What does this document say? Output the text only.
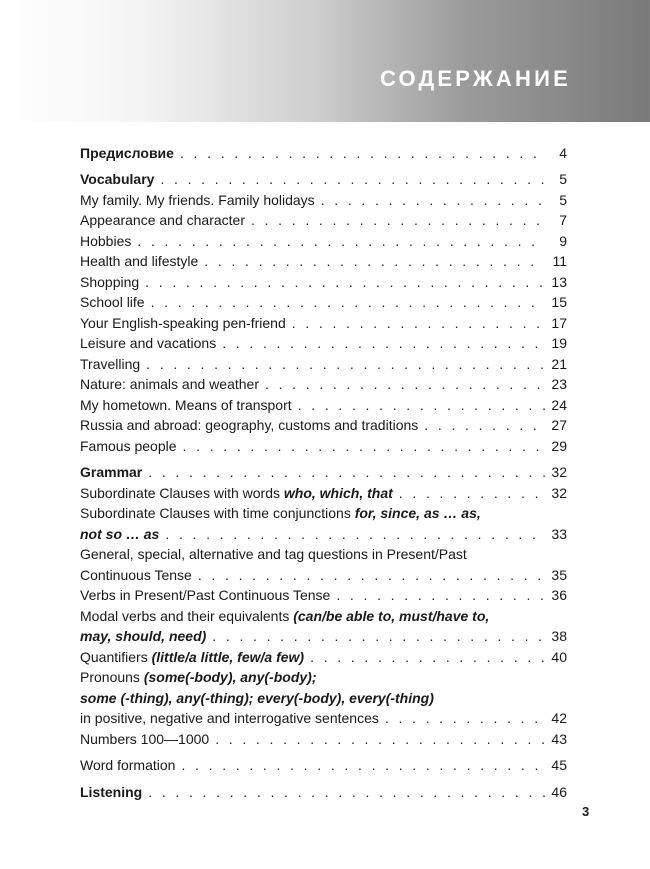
СОДЕРЖАНИЕ
Предисловие . . .	4
Vocabulary . . .	5
My family. My friends. Family holidays . . .	5
Appearance and character . . .	7
Hobbies . . .	9
Health and lifestyle . . .	11
Shopping . . .	13
School life . . .	15
Your English-speaking pen-friend . . .	17
Leisure and vacations . . .	19
Travelling . . .	21
Nature: animals and weather . . .	23
My hometown. Means of transport . . .	24
Russia and abroad: geography, customs and traditions . . .	27
Famous people . . .	29
Grammar . . .	32
Subordinate Clauses with words who, which, that . . .	32
Subordinate Clauses with time conjunctions for, since, as … as,
not so … as . . .	33
General, special, alternative and tag questions in Present/Past
Continuous Tense . . .	35
Verbs in Present/Past Continuous Tense . . .	36
Modal verbs and their equivalents (can/be able to, must/have to,
may, should, need) . . .	38
Quantifiers (little/a little, few/a few) . . .	40
Pronouns (some(-body), any(-body);
some (-thing), any(-thing); every(-body), every(-thing)
in positive, negative and interrogative sentences . . .	42
Numbers 100—1000 . . .	43
Word formation . . .	45
Listening . . .	46
3
